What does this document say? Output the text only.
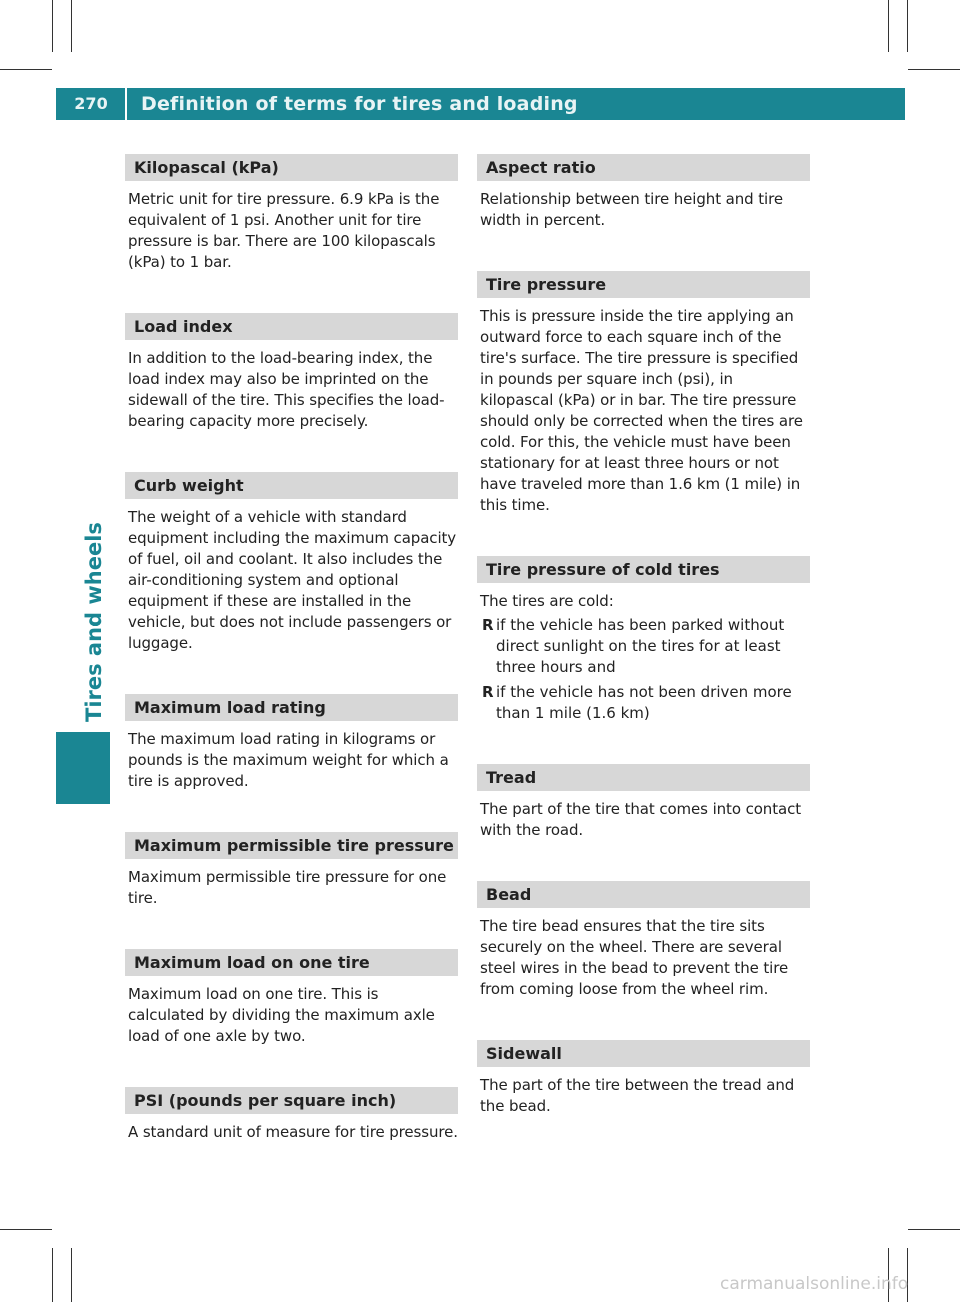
270	Definition of terms for tires and loading
Tires and wheels
Kilopascal (kPa)

Metric unit for tire pressure. 6.9 kPa is the equivalent of 1 psi. Another unit for tire pressure is bar. There are 100 kilopascals (kPa) to 1 bar.

Load index

In addition to the load-bearing index, the load index may also be imprinted on the sidewall of the tire. This specifies the load-bearing capacity more precisely.

Curb weight

The weight of a vehicle with standard equipment including the maximum capacity of fuel, oil and coolant. It also includes the air-conditioning system and optional equipment if these are installed in the vehicle, but does not include passengers or luggage.

Maximum load rating

The maximum load rating in kilograms or pounds is the maximum weight for which a tire is approved.

Maximum permissible tire pressure

Maximum permissible tire pressure for one tire.

Maximum load on one tire

Maximum load on one tire. This is calculated by dividing the maximum axle load of one axle by two.

PSI (pounds per square inch)

A standard unit of measure for tire pressure.

Aspect ratio

Relationship between tire height and tire width in percent.

Tire pressure

This is pressure inside the tire applying an outward force to each square inch of the tire's surface. The tire pressure is specified in pounds per square inch (psi), in kilopascal (kPa) or in bar. The tire pressure should only be corrected when the tires are cold. For this, the vehicle must have been stationary for at least three hours or not have traveled more than 1.6 km (1 mile) in this time.

Tire pressure of cold tires

The tires are cold:

R if the vehicle has been parked without direct sunlight on the tires for at least three hours and
R if the vehicle has not been driven more than 1 mile (1.6 km)
Tread

The part of the tire that comes into contact with the road.

Bead

The tire bead ensures that the tire sits securely on the wheel. There are several steel wires in the bead to prevent the tire from coming loose from the wheel rim.

Sidewall

The part of the tire between the tread and the bead.

carmanualsonline.info
